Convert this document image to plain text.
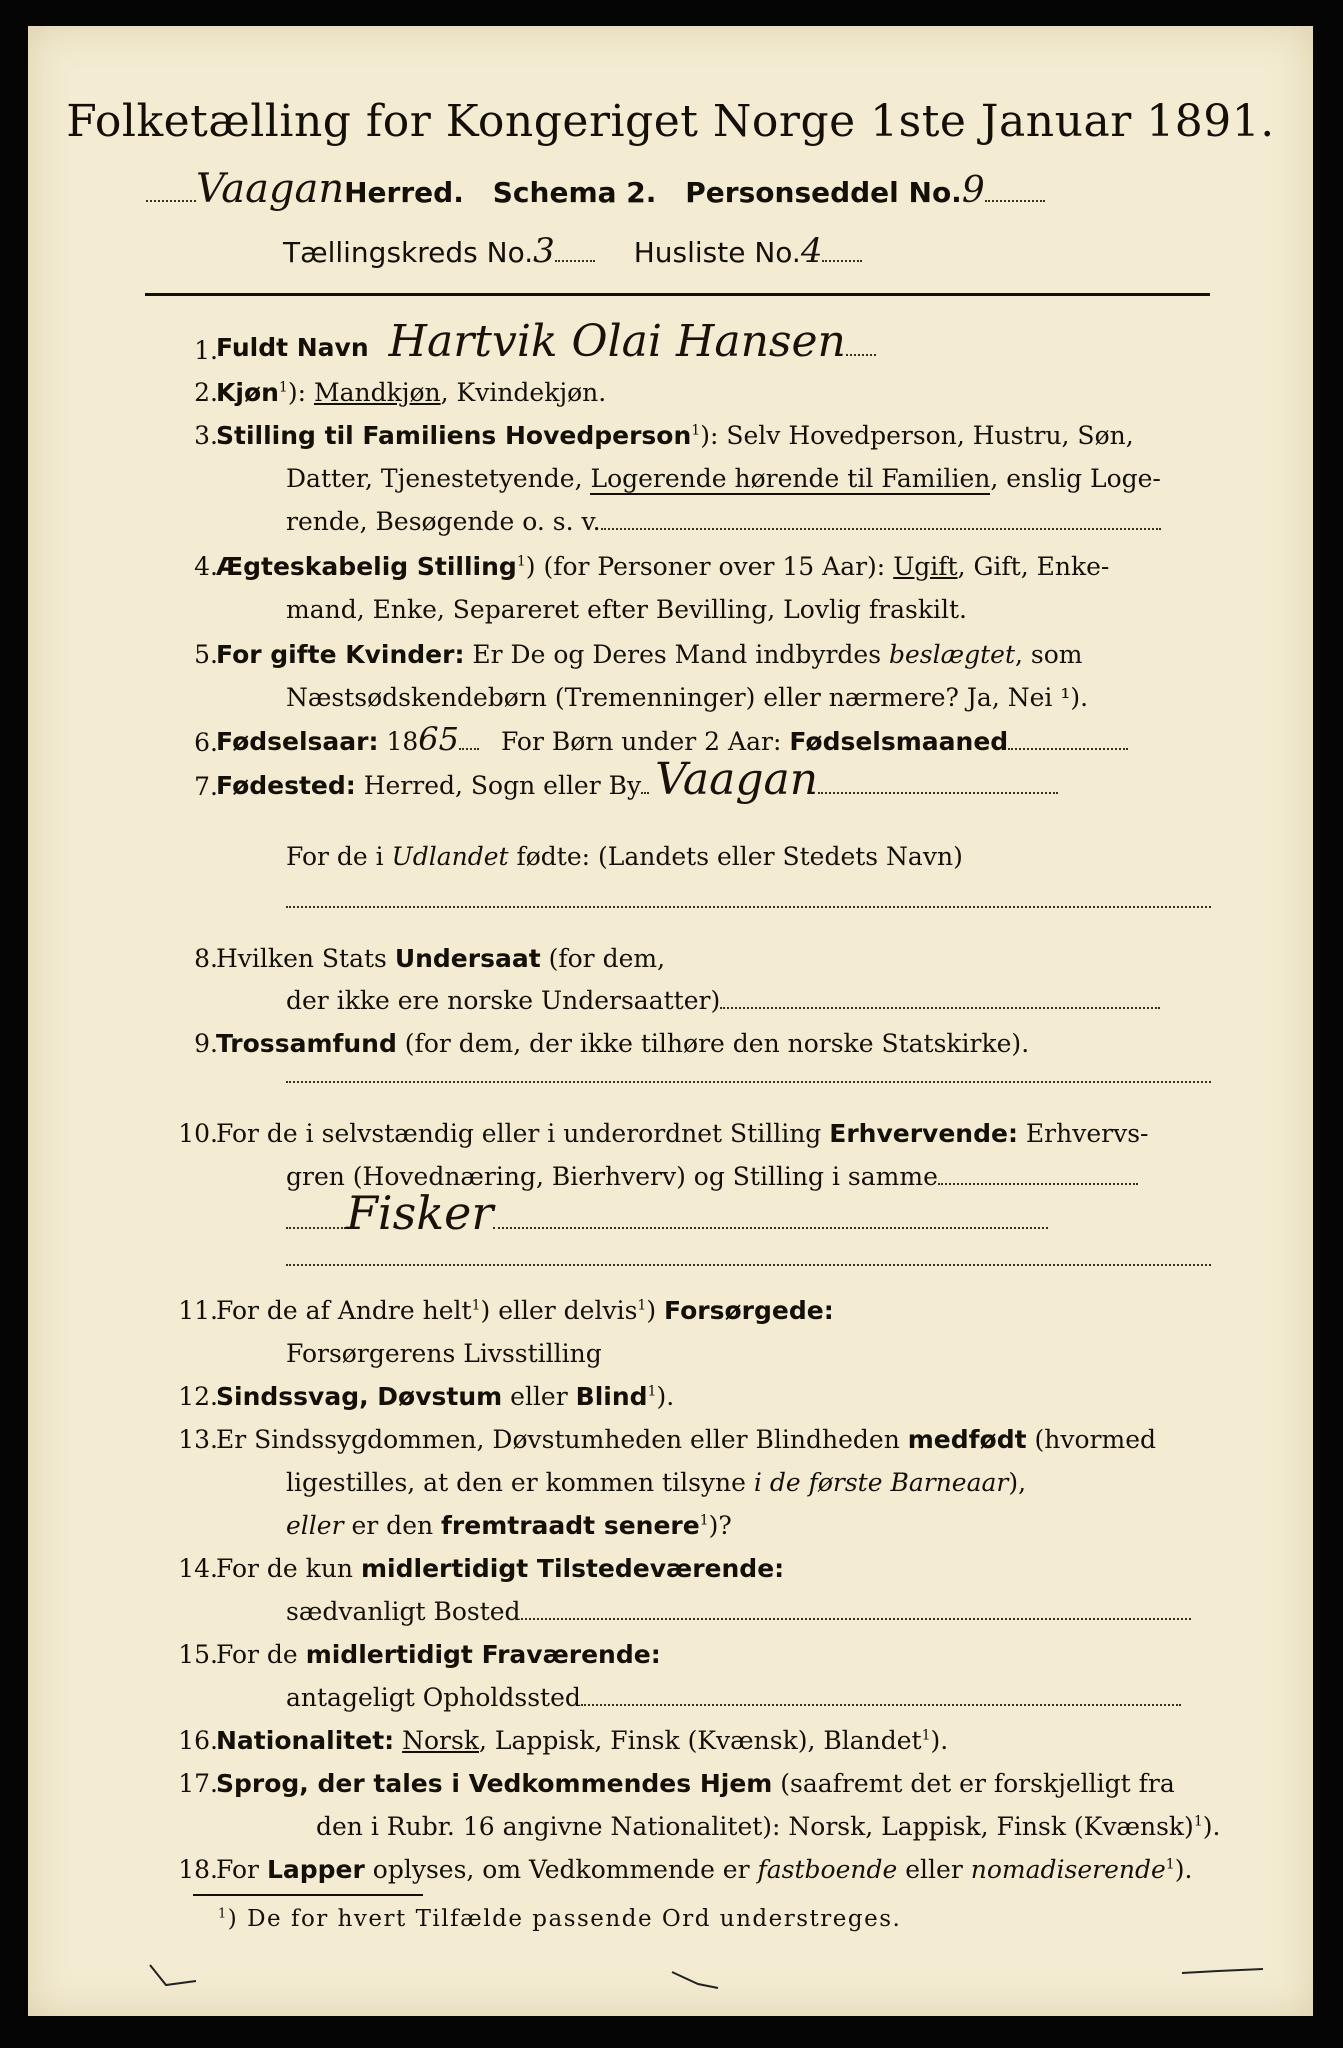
Folketælling for Kongeriget Norge 1ste Januar 1891.
VaaganHerred. Schema 2. Personseddel No.9
Tællingskreds No.3	Husliste No.4
1.
Fuldt Navn Hartvik Olai Hansen
2.
Kjøn$^1$): Mandkjøn, Kvindekjøn.
3.
Stilling til Familiens Hovedperson$^1$): Selv Hovedperson, Hustru, Søn,
Datter, Tjenestetyende, Logerende hørende til Familien, enslig Loge-
rende, Besøgende o. s. v.
4.
Ægteskabelig Stilling$^1$) (for Personer over 15 Aar): Ugift, Gift, Enke-
mand, Enke, Separeret efter Bevilling, Lovlig fraskilt.
5.
For gifte Kvinder: Er De og Deres Mand indbyrdes beslægtet, som
Næstsødskendebørn (Tremenninger) eller nærmere? Ja, Nei ¹).
6.
Fødselsaar: 1865 For Børn under 2 Aar: Fødselsmaaned
7.
Fødested: Herred, Sogn eller By Vaagan
For de i Udlandet fødte: (Landets eller Stedets Navn)
8.
Hvilken Stats Undersaat (for dem,
der ikke ere norske Undersaatter)
9.
Trossamfund (for dem, der ikke tilhøre den norske Statskirke).
10.
For de i selvstændig eller i underordnet Stilling Erhvervende: Erhvervs-
gren (Hovednæring, Bierhverv) og Stilling i samme
Fisker
11.
For de af Andre helt$^1$) eller delvis$^1$) Forsørgede:
Forsørgerens Livsstilling
12.
Sindssvag, Døvstum eller Blind$^1$).
13.
Er Sindssygdommen, Døvstumheden eller Blindheden medfødt (hvormed
ligestilles, at den er kommen tilsyne i de første Barneaar),
eller er den fremtraadt senere$^1$)?
14.
For de kun midlertidigt Tilstedeværende:
sædvanligt Bosted
15.
For de midlertidigt Fraværende:
antageligt Opholdssted
16.
Nationalitet: Norsk, Lappisk, Finsk (Kvænsk), Blandet$^1$).
17.
Sprog, der tales i Vedkommendes Hjem (saafremt det er forskjelligt fra
den i Rubr. 16 angivne Nationalitet): Norsk, Lappisk, Finsk (Kvænsk)$^1$).
18.
For Lapper oplyses, om Vedkommende er fastboende eller nomadiserende$^1$).
$^1$) De for hvert Tilfælde passende Ord understreges.
